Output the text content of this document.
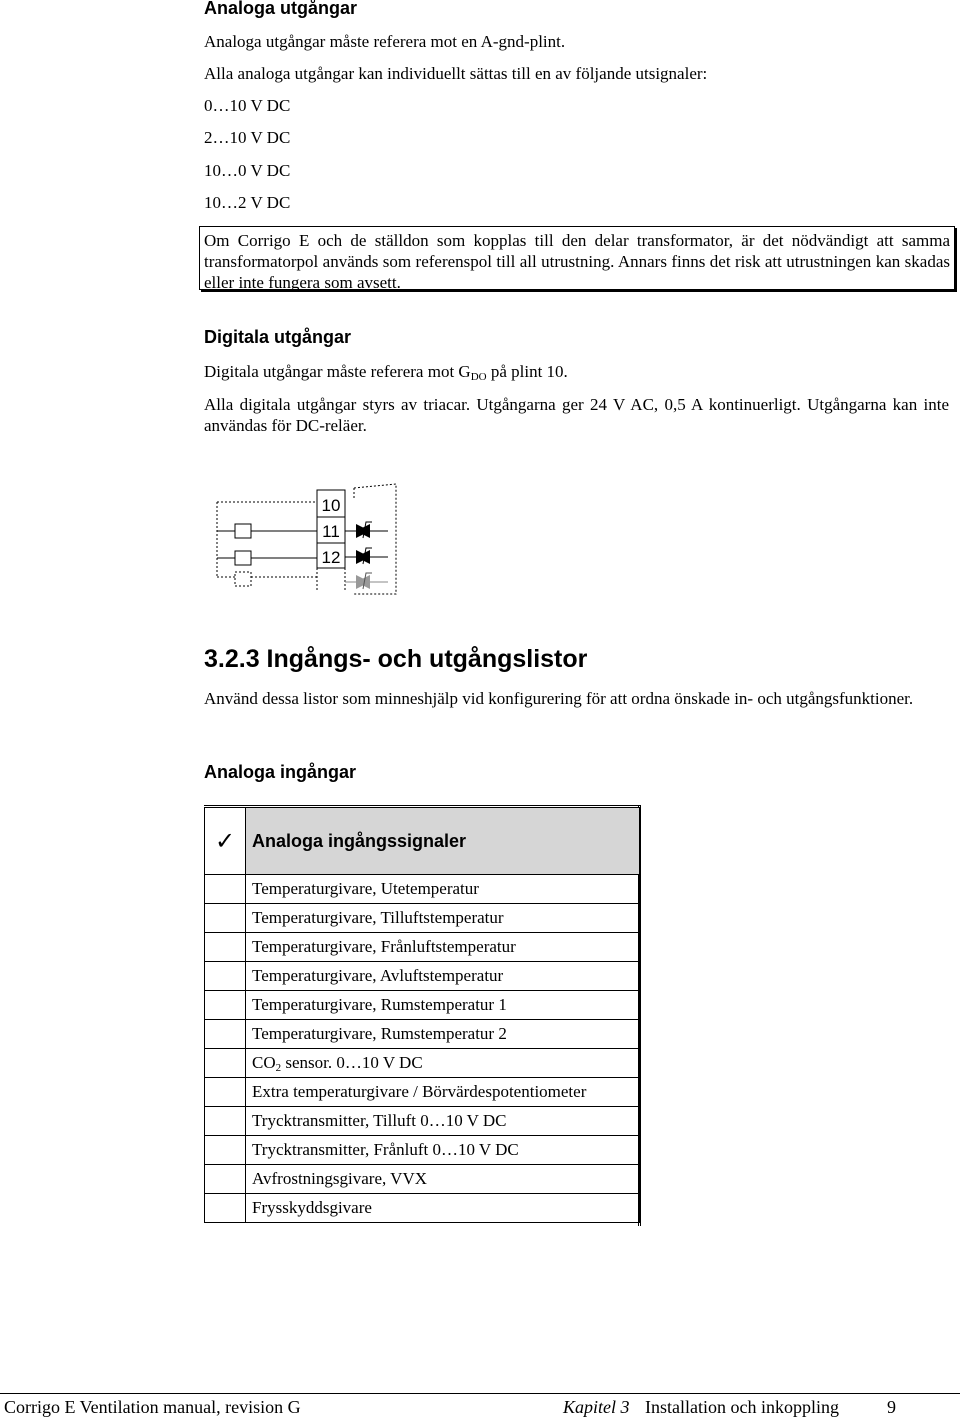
Analoga utgångar
Analoga utgångar måste referera mot en A-gnd-plint.
Alla analoga utgångar kan individuellt sättas till en av följande utsignaler:
0…10 V DC
2…10 V DC
10…0 V DC
10…2 V DC
Om Corrigo E och de ställdon som kopplas till den delar transformator, är det nödvändigt att samma transformatorpol används som referenspol till all utrustning. Annars finns det risk att utrustningen kan skadas eller inte fungera som avsett.
Digitala utgångar
Digitala utgångar måste referera mot $G_{DO}$ på plint 10.
Alla digitala utgångar styrs av triacar. Utgångarna ger 24 V AC, 0,5 A kontinuerligt. Utgångarna kan inte användas för DC-reläer.
10
11
12
3.2.3 Ingångs- och utgångslistor
Använd dessa listor som minneshjälp vid konfigurering för att ordna önskade in- och utgångsfunktioner.
Analoga ingångar
✓	Analoga ingångssignaler
	Temperaturgivare, Utetemperatur
	Temperaturgivare, Tilluftstemperatur
	Temperaturgivare, Frånluftstemperatur
	Temperaturgivare, Avluftstemperatur
	Temperaturgivare, Rumstemperatur 1
	Temperaturgivare, Rumstemperatur 2
	$CO_2$ sensor. 0…10 V DC
	Extra temperaturgivare / Börvärdespotentiometer
	Trycktransmitter, Tilluft 0…10 V DC
	Trycktransmitter, Frånluft 0…10 V DC
	Avfrostningsgivare, VVX
	Frysskyddsgivare
Corrigo E Ventilation manual, revision G	Kapitel 3 Installation och inkoppling	9
